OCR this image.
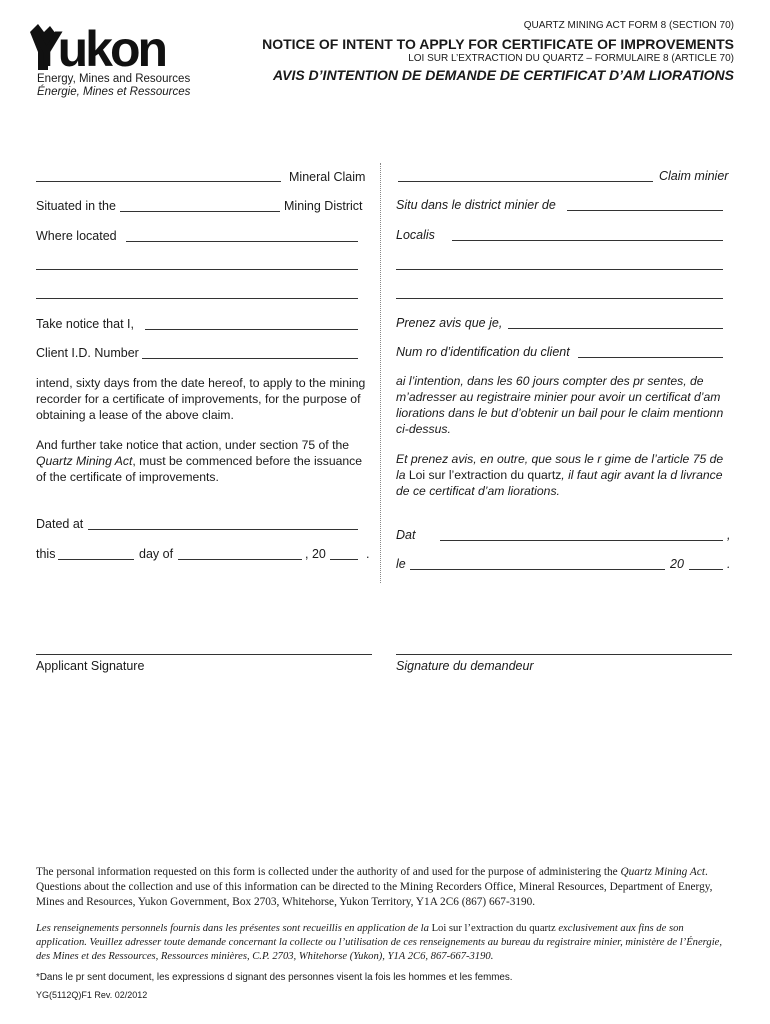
Yukon
Energy, Mines and Resources
Énergie, Mines et Ressources
QUARTZ MINING ACT FORM 8 (SECTION 70)
NOTICE OF INTENT TO APPLY FOR CERTIFICATE OF IMPROVEMENTS
LOI SUR L’EXTRACTION DU QUARTZ – FORMULAIRE 8 (ARTICLE 70)
AVIS D’INTENTION DE DEMANDE DE CERTIFICAT D’AM LIORATIONS
Mineral Claim
Situated in the	Mining District
Where located
Take notice that I,
Client I.D. Number
intend, sixty days from the date hereof, to apply to the mining recorder for a certificate of improvements, for the purpose of obtaining a lease of the above claim.
And further take notice that action, under section 75 of the Quartz Mining Act, must be commenced before the issuance of the certificate of improvements.
Dated at
this	day of	, 20	.
Applicant Signature
Claim minier
Situ dans le district minier de
Localis
Prenez avis que je,
Num ro d’identification du client
ai l’intention, dans les 60 jours compter des pr sentes, de m’adresser au registraire minier pour avoir un certificat d’am liorations dans le but d’obtenir un bail pour le claim mentionn ci-dessus.
Et prenez avis, en outre, que sous le r gime de l’article 75 de la Loi sur l’extraction du quartz, il faut agir avant la d livrance de ce certificat d’am liorations.
Dat	,
le	20	.
Signature du demandeur
The personal information requested on this form is collected under the authority of and used for the purpose of administering the Quartz Mining Act. Questions about the collection and use of this information can be directed to the Mining Recorders Office, Mineral Resources, Department of Energy, Mines and Resources, Yukon Government, Box 2703, Whitehorse, Yukon Territory, Y1A 2C6 (867) 667-3190.
Les renseignements personnels fournis dans les présentes sont recueillis en application de la Loi sur l’extraction du quartz exclusivement aux fins de son application. Veuillez adresser toute demande concernant la collecte ou l’utilisation de ces renseignements au bureau du registraire minier, ministère de l’Énergie, des Mines et des Ressources, Ressources minières, C.P. 2703, Whitehorse (Yukon), Y1A 2C6, 867-667-3190.
*Dans le pr sent document, les expressions d signant des personnes visent la fois les hommes et les femmes.
YG(5112Q)F1 Rev. 02/2012
